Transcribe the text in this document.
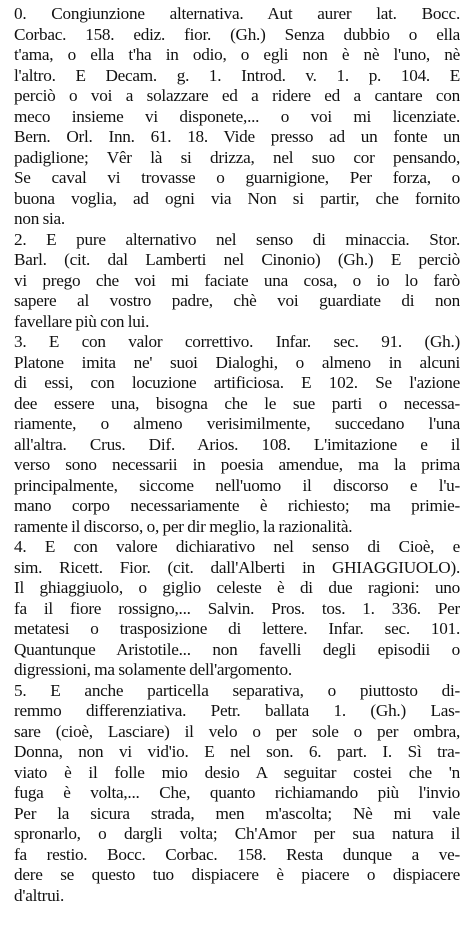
0. Congiunzione alternativa. Aut aurer lat. Bocc.
Corbac. 158. ediz. fior. (Gh.) Senza dubbio o ella
t'ama, o ella t'ha in odio, o egli non è nè l'uno, nè
l'altro. E Decam. g. 1. Introd. v. 1. p. 104. E
perciò o voi a solazzare ed a ridere ed a cantare con
meco insieme vi disponete,... o voi mi licenziate.
Bern. Orl. Inn. 61. 18. Vide presso ad un fonte un
padiglione; Vêr là si drizza, nel suo cor pensando,
Se caval vi trovasse o guarnigione, Per forza, o
buona voglia, ad ogni via Non si partir, che fornito
non sia.
2. E pure alternativo nel senso di minaccia. Stor.
Barl. (cit. dal Lamberti nel Cinonio) (Gh.) E perciò
vi prego che voi mi faciate una cosa, o io lo farò
sapere al vostro padre, chè voi guardiate di non
favellare più con lui.
3. E con valor correttivo. Infar. sec. 91. (Gh.)
Platone imita ne' suoi Dialoghi, o almeno in alcuni
di essi, con locuzione artificiosa. E 102. Se l'azione
dee essere una, bisogna che le sue parti o necessa-
riamente, o almeno verisimilmente, succedano l'una
all'altra. Crus. Dif. Arios. 108. L'imitazione e il
verso sono necessarii in poesia amendue, ma la prima
principalmente, siccome nell'uomo il discorso e l'u-
mano corpo necessariamente è richiesto; ma primie-
ramente il discorso, o, per dir meglio, la razionalità.
4. E con valore dichiarativo nel senso di Cioè, e
sim. Ricett. Fior. (cit. dall'Alberti in GHIAGGIUOLO).
Il ghiaggiuolo, o giglio celeste è di due ragioni: uno
fa il fiore rossigno,... Salvin. Pros. tos. 1. 336. Per
metatesi o trasposizione di lettere. Infar. sec. 101.
Quantunque Aristotile... non favelli degli episodii o
digressioni, ma solamente dell'argomento.
5. E anche particella separativa, o piuttosto di-
remmo differenziativa. Petr. ballata 1. (Gh.) Las-
sare (cioè, Lasciare) il velo o per sole o per ombra,
Donna, non vi vid'io. E nel son. 6. part. I. Sì tra-
viato è il folle mio desio A seguitar costei che 'n
fuga è volta,... Che, quanto richiamando più l'invio
Per la sicura strada, men m'ascolta; Nè mi vale
spronarlo, o dargli volta; Ch'Amor per sua natura il
fa restio. Bocc. Corbac. 158. Resta dunque a ve-
dere se questo tuo dispiacere è piacere o dispiacere
d'altrui.
